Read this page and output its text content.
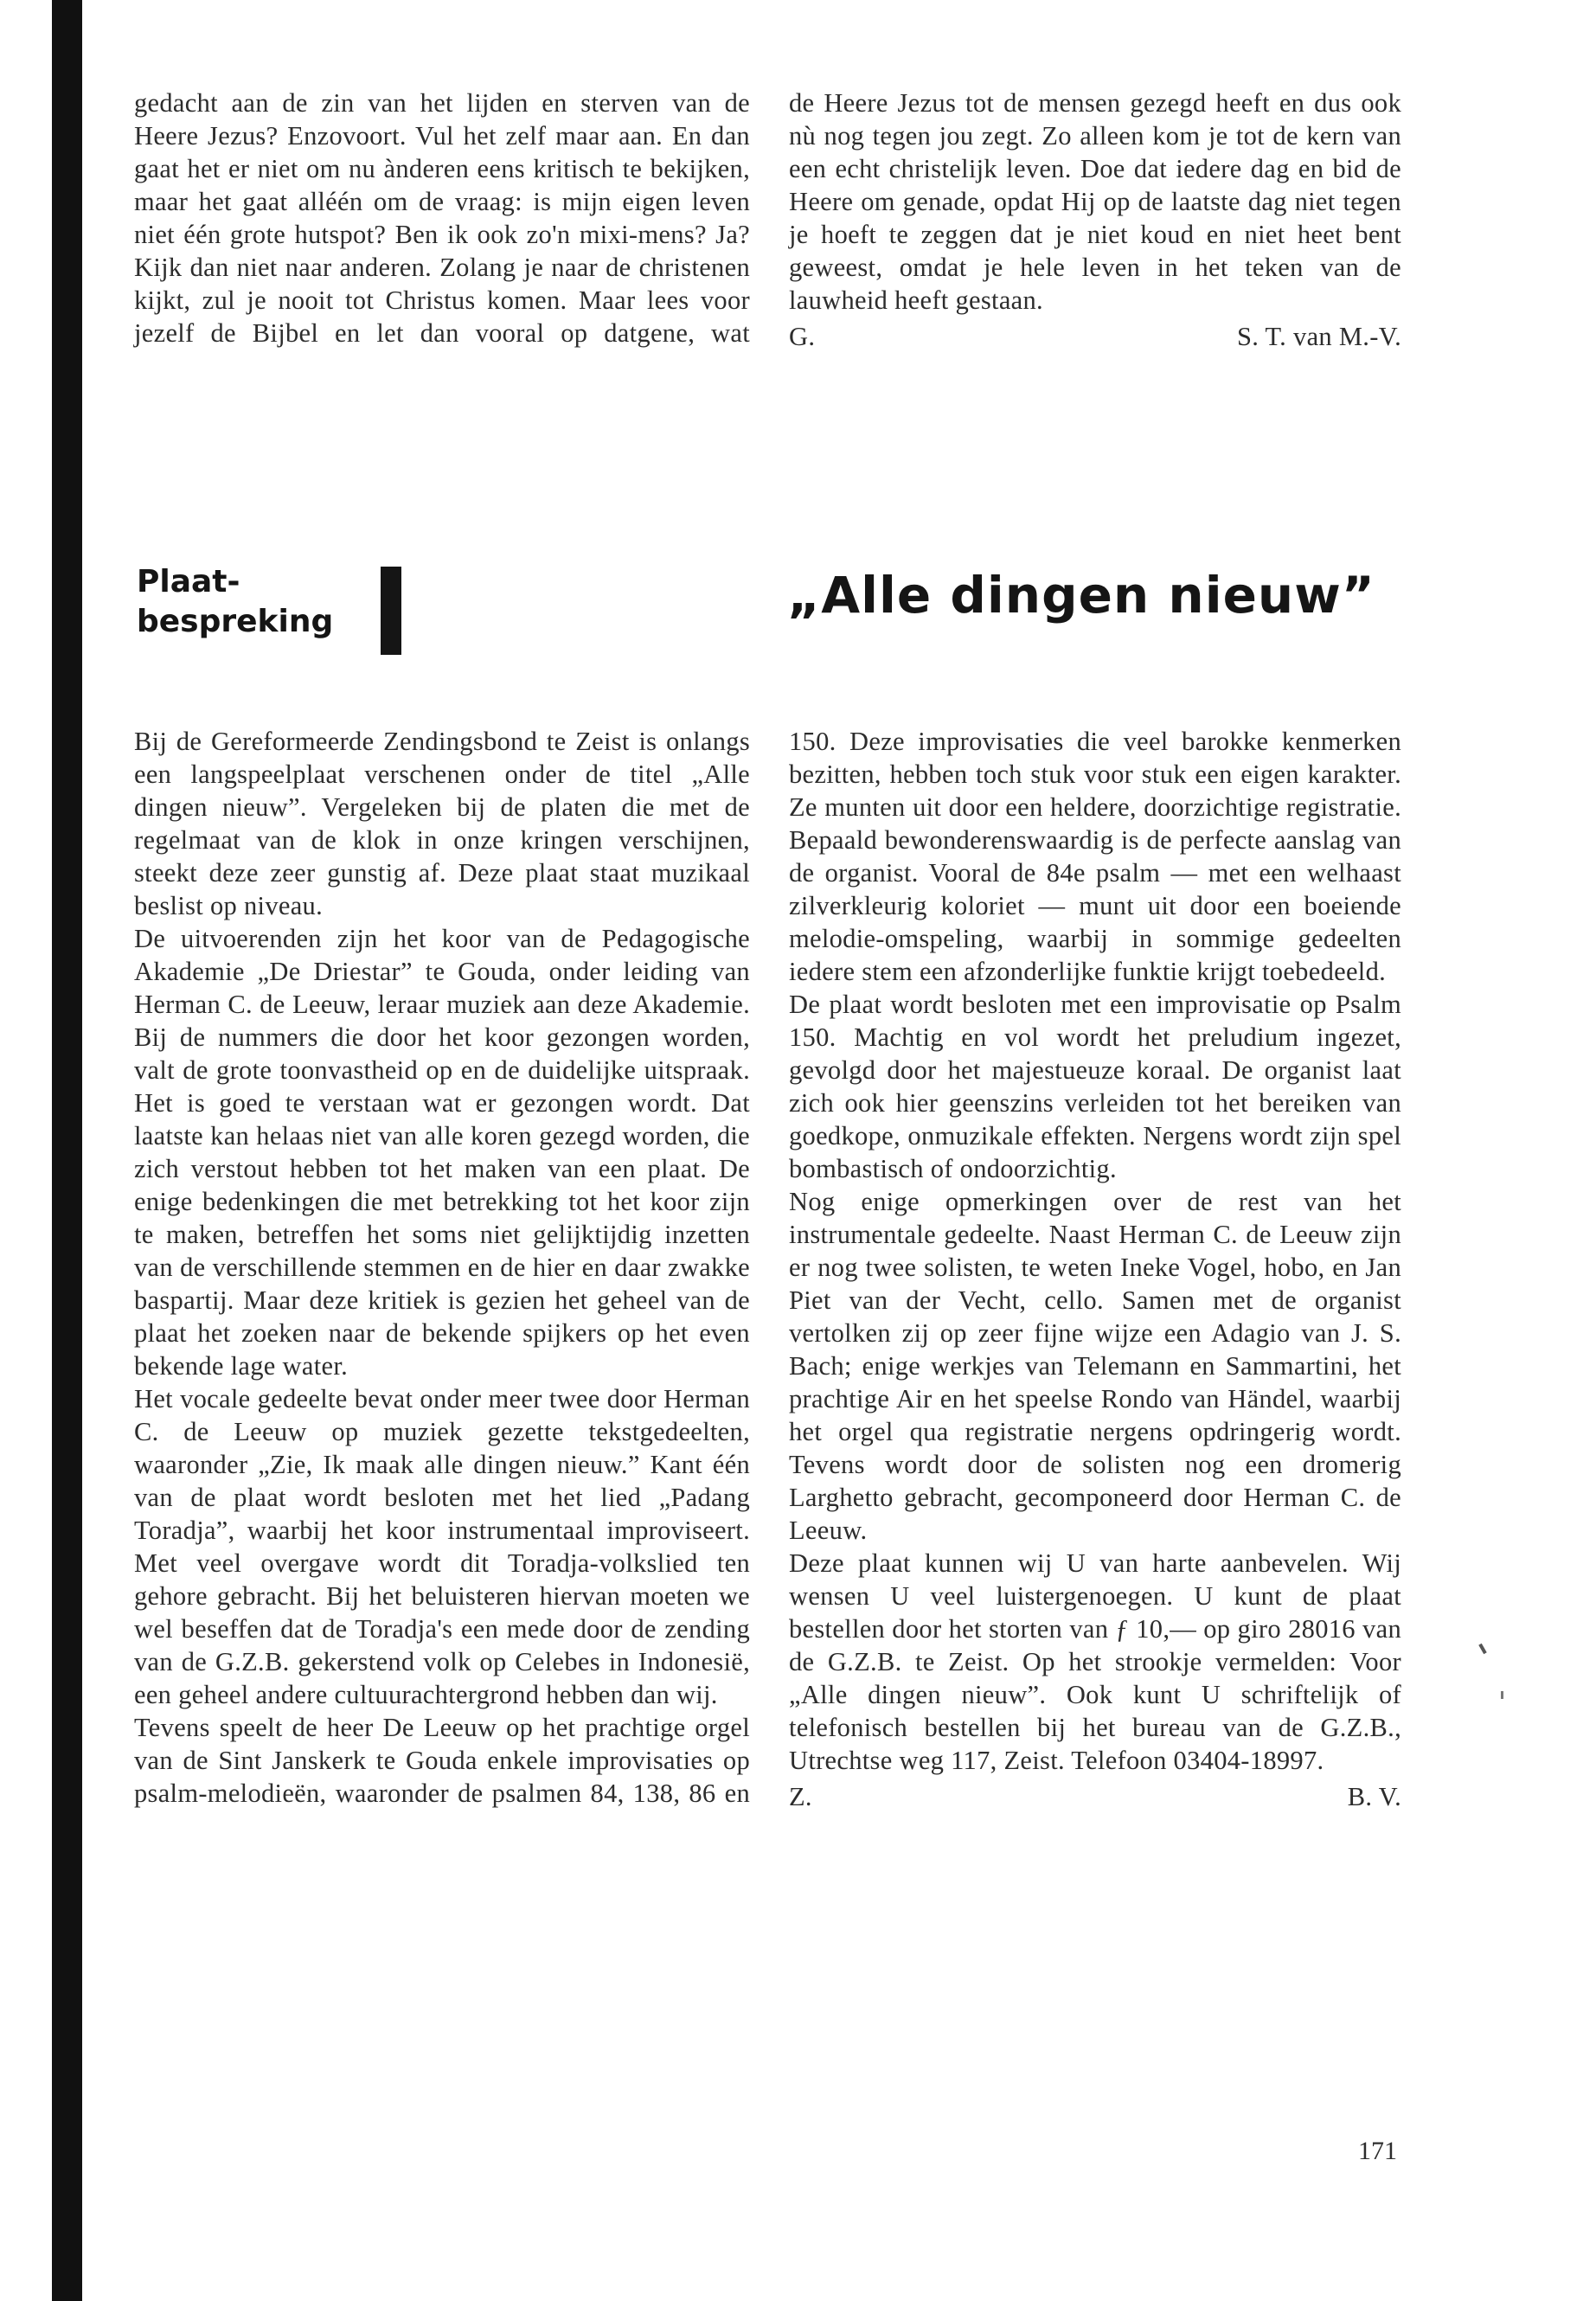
gedacht aan de zin van het lijden en sterven van de Heere Jezus? Enzovoort. Vul het zelf maar aan. En dan gaat het er niet om nu ànderen eens kritisch te bekijken, maar het gaat alléén om de vraag: is mijn eigen leven niet één grote hutspot? Ben ik ook zo'n mixi-mens? Ja? Kijk dan niet naar anderen. Zolang je naar de christenen kijkt, zul je nooit tot Christus komen. Maar lees voor jezelf de Bijbel en let dan vooral op datgene, wat

de Heere Jezus tot de mensen gezegd heeft en dus ook nù nog tegen jou zegt. Zo alleen kom je tot de kern van een echt christelijk leven. Doe dat iedere dag en bid de Heere om genade, opdat Hij op de laatste dag niet tegen je hoeft te zeggen dat je niet koud en niet heet bent geweest, omdat je hele leven in het teken van de lauwheid heeft gestaan.

G.	S. T. van M.-V.
Plaat-
bespreking	„Alle dingen nieuw”

Bij de Gereformeerde Zendingsbond te Zeist is onlangs een langspeelplaat verschenen onder de titel „Alle dingen nieuw”. Vergeleken bij de platen die met de regelmaat van de klok in onze kringen verschijnen, steekt deze zeer gunstig af. Deze plaat staat muzikaal beslist op niveau.

De uitvoerenden zijn het koor van de Pedagogische Akademie „De Driestar” te Gouda, onder leiding van Herman C. de Leeuw, leraar muziek aan deze Akademie. Bij de nummers die door het koor gezongen worden, valt de grote toonvastheid op en de duidelijke uitspraak. Het is goed te verstaan wat er gezongen wordt. Dat laatste kan helaas niet van alle koren gezegd worden, die zich verstout hebben tot het maken van een plaat. De enige bedenkingen die met betrekking tot het koor zijn te maken, betreffen het soms niet gelijktijdig inzetten van de verschillende stemmen en de hier en daar zwakke baspartij. Maar deze kritiek is gezien het geheel van de plaat het zoeken naar de bekende spijkers op het even bekende lage water.

Het vocale gedeelte bevat onder meer twee door Herman C. de Leeuw op muziek gezette tekstgedeelten, waaronder „Zie, Ik maak alle dingen nieuw.” Kant één van de plaat wordt besloten met het lied „Padang Toradja”, waarbij het koor instrumentaal improviseert. Met veel overgave wordt dit Toradja-volkslied ten gehore gebracht. Bij het beluisteren hiervan moeten we wel beseffen dat de Toradja's een mede door de zending van de G.Z.B. gekerstend volk op Celebes in Indonesië, een geheel andere cultuurachtergrond hebben dan wij.

Tevens speelt de heer De Leeuw op het prachtige orgel van de Sint Janskerk te Gouda enkele improvisaties op psalm-melodieën, waaronder de psalmen 84, 138, 86 en

150. Deze improvisaties die veel barokke kenmerken bezitten, hebben toch stuk voor stuk een eigen karakter. Ze munten uit door een heldere, doorzichtige registratie. Bepaald bewonderenswaardig is de perfecte aanslag van de organist. Vooral de 84e psalm — met een welhaast zilverkleurig koloriet — munt uit door een boeiende melodie-omspeling, waarbij in sommige gedeelten iedere stem een afzonderlijke funktie krijgt toebedeeld.

De plaat wordt besloten met een improvisatie op Psalm 150. Machtig en vol wordt het preludium ingezet, gevolgd door het majestueuze koraal. De organist laat zich ook hier geenszins verleiden tot het bereiken van goedkope, onmuzikale effekten. Nergens wordt zijn spel bombastisch of ondoorzichtig.

Nog enige opmerkingen over de rest van het instrumentale gedeelte. Naast Herman C. de Leeuw zijn er nog twee solisten, te weten Ineke Vogel, hobo, en Jan Piet van der Vecht, cello. Samen met de organist vertolken zij op zeer fijne wijze een Adagio van J. S. Bach; enige werkjes van Telemann en Sammartini, het prachtige Air en het speelse Rondo van Händel, waarbij het orgel qua registratie nergens opdringerig wordt. Tevens wordt door de solisten nog een dromerig Larghetto gebracht, gecomponeerd door Herman C. de Leeuw.

Deze plaat kunnen wij U van harte aanbevelen. Wij wensen U veel luistergenoegen. U kunt de plaat bestellen door het storten van ƒ 10,— op giro 28016 van de G.Z.B. te Zeist. Op het strookje vermelden: Voor „Alle dingen nieuw”. Ook kunt U schriftelijk of telefonisch bestellen bij het bureau van de G.Z.B., Utrechtse weg 117, Zeist. Telefoon 03404-18997.

Z.	B. V.
171
